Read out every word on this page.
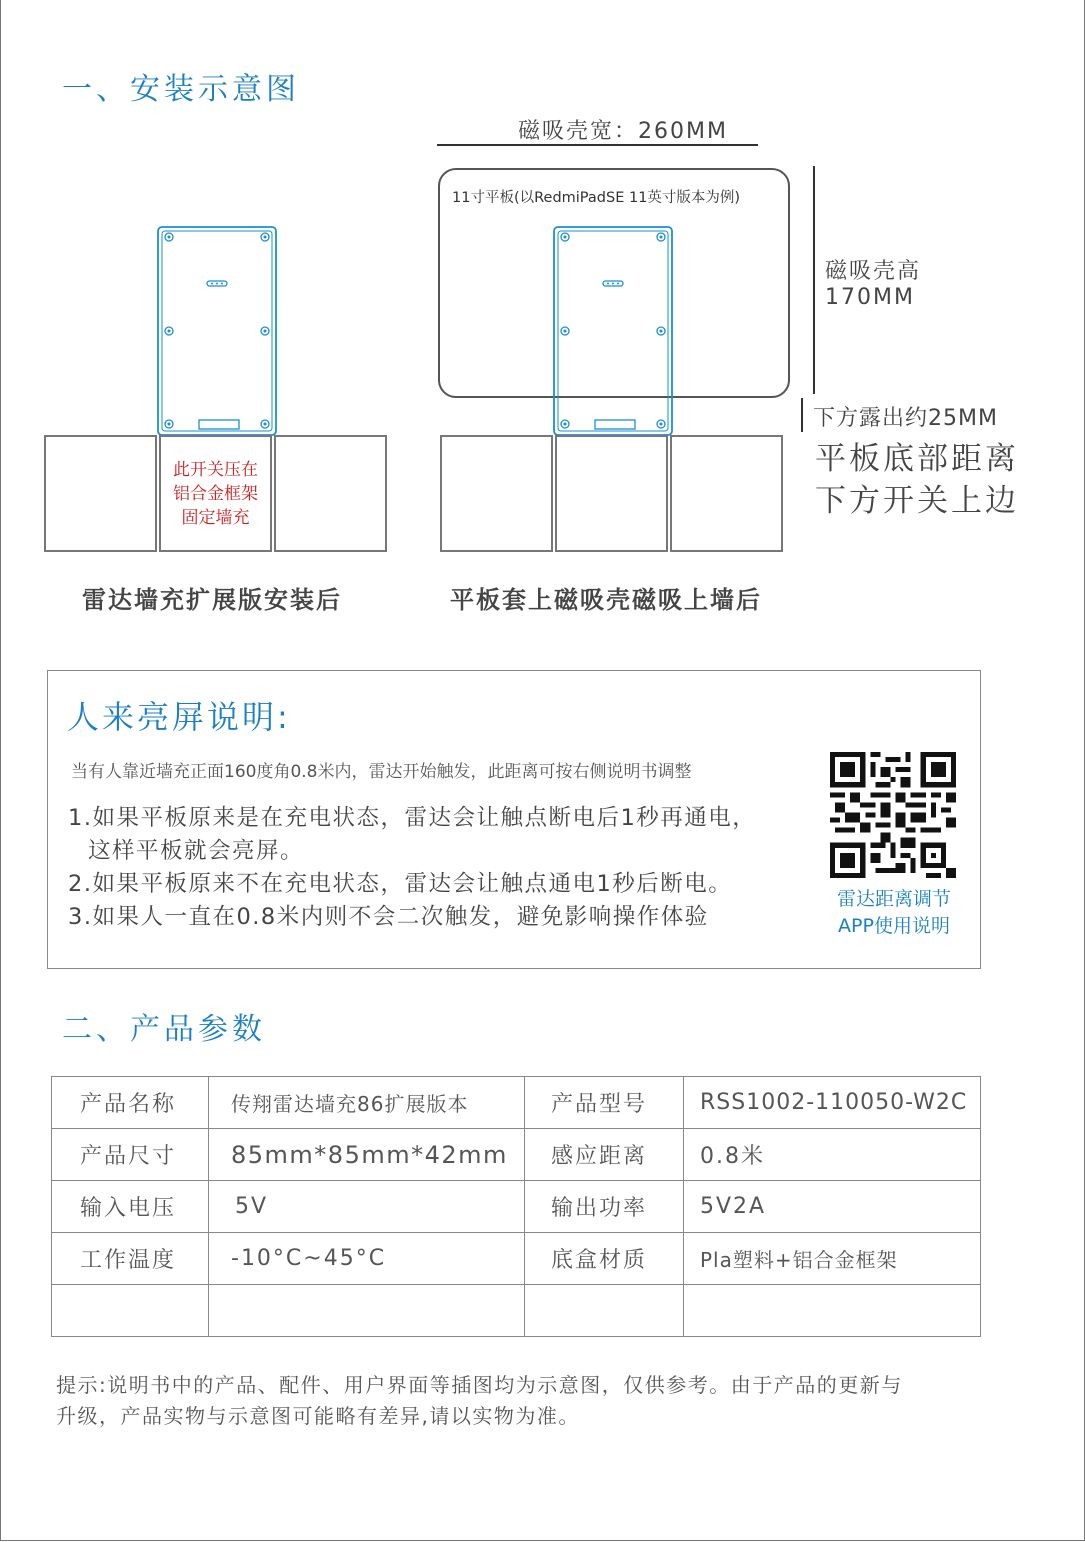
一、安装示意图
磁吸壳宽：260MM
11寸平板(以RedmiPadSE 11英寸版本为例)
磁吸壳高
170MM
下方露出约25MM
平板底部距离
下方开关上边
此开关压在
铝合金框架
固定墙充
雷达墙充扩展版安装后	平板套上磁吸壳磁吸上墙后
人来亮屏说明:
当有人靠近墙充正面160度角0.8米内，雷达开始触发，此距离可按右侧说明书调整
1.如果平板原来是在充电状态，雷达会让触点断电后1秒再通电，
这样平板就会亮屏。
2.如果平板原来不在充电状态，雷达会让触点通电1秒后断电。
3.如果人一直在0.8米内则不会二次触发，避免影响操作体验
雷达距离调节
APP使用说明
二、产品参数
产品名称	传翔雷达墙充86扩展版本	产品型号	RSS1002-110050-W2C
产品尺寸	85mm*85mm*42mm	感应距离	0.8米
输入电压	5V	输出功率	5V2A
工作温度	-10°C~45°C	底盒材质	Pla塑料+铝合金框架

提示:说明书中的产品、配件、用户界面等插图均为示意图，仅供参考。由于产品的更新与
升级，产品实物与示意图可能略有差异,请以实物为准。
